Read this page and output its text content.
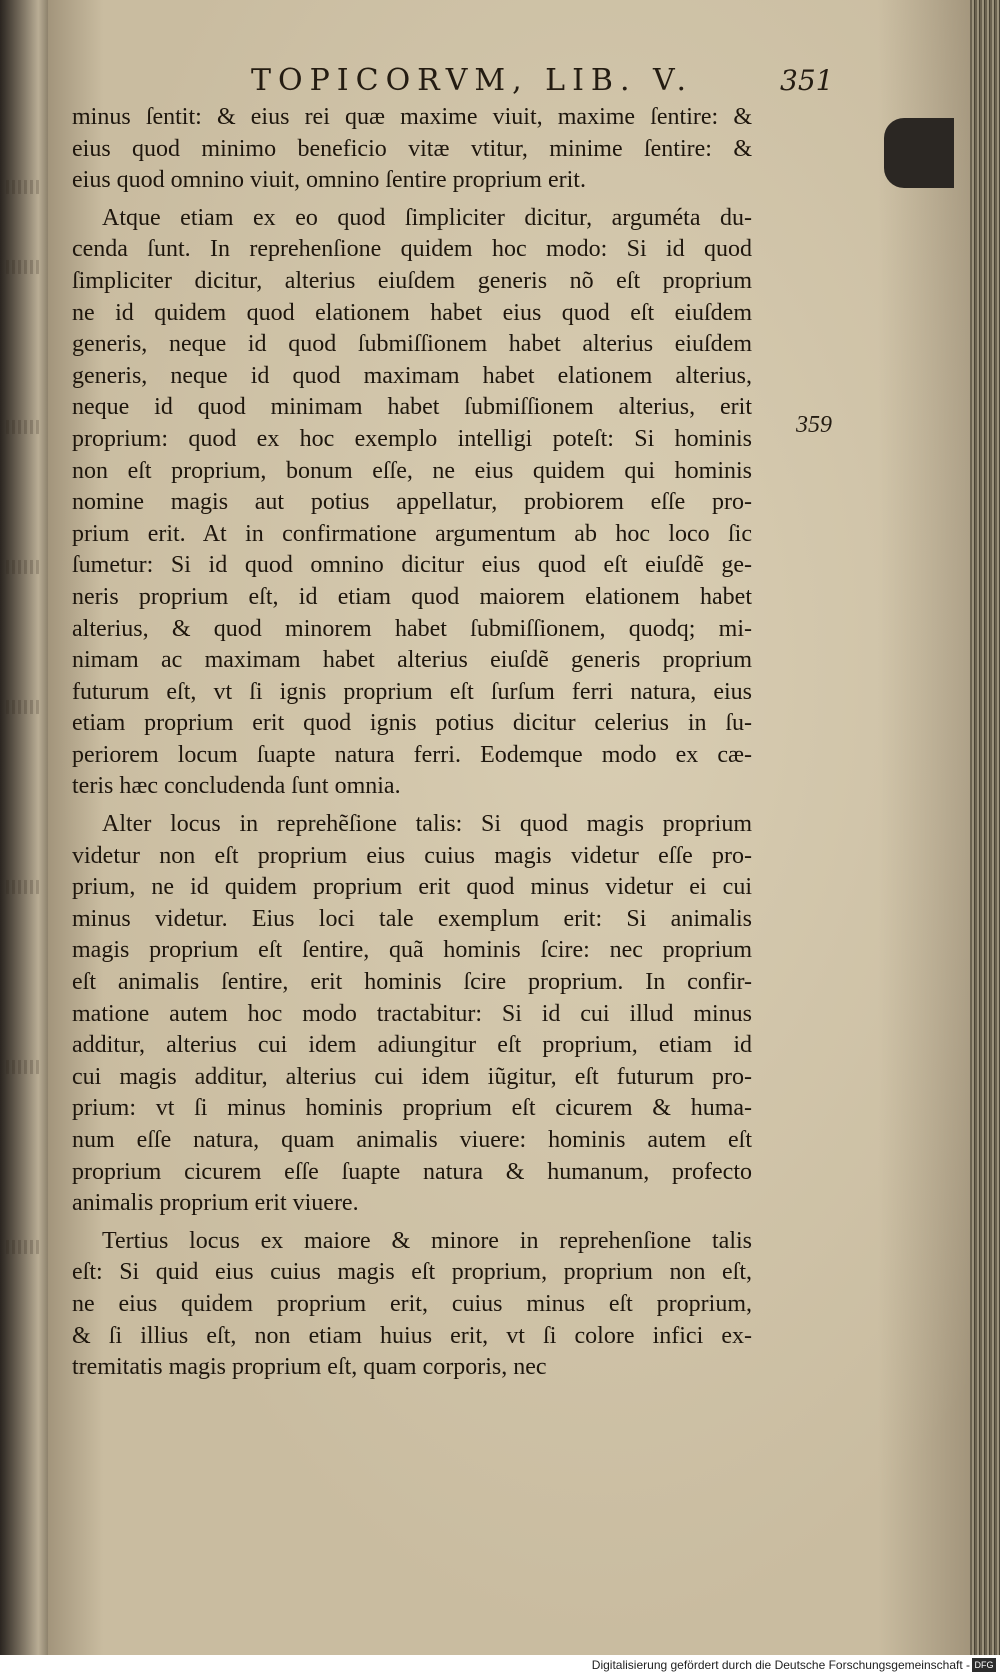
TOPICORVM, LIB. V.	351
359
minus ſentit: & eius rei quæ maxime viuit, maxime ſentire: &
eius quod minimo beneficio vitæ vtitur, minime ſentire: &
eius quod omnino viuit, omnino ſentire proprium erit.
Atque etiam ex eo quod ſimpliciter dicitur, arguméta du-
cenda ſunt. In reprehenſione quidem hoc modo: Si id quod
ſimpliciter dicitur, alterius eiuſdem generis nõ eſt proprium
ne id quidem quod elationem habet eius quod eſt eiuſdem
generis, neque id quod ſubmiſſionem habet alterius eiuſdem
generis, neque id quod maximam habet elationem alterius,
neque id quod minimam habet ſubmiſſionem alterius, erit
proprium: quod ex hoc exemplo intelligi poteſt: Si hominis
non eſt proprium, bonum eſſe, ne eius quidem qui hominis
nomine magis aut potius appellatur, probiorem eſſe pro-
prium erit. At in confirmatione argumentum ab hoc loco ſic
ſumetur: Si id quod omnino dicitur eius quod eſt eiuſdẽ ge-
neris proprium eſt, id etiam quod maiorem elationem habet
alterius, & quod minorem habet ſubmiſſionem, quodq; mi-
nimam ac maximam habet alterius eiuſdẽ generis proprium
futurum eſt, vt ſi ignis proprium eſt ſurſum ferri natura, eius
etiam proprium erit quod ignis potius dicitur celerius in ſu-
periorem locum ſuapte natura ferri. Eodemque modo ex cæ-
teris hæc concludenda ſunt omnia.
Alter locus in reprehẽſione talis: Si quod magis proprium
videtur non eſt proprium eius cuius magis videtur eſſe pro-
prium, ne id quidem proprium erit quod minus videtur ei cui
minus videtur. Eius loci tale exemplum erit: Si animalis
magis proprium eſt ſentire, quã hominis ſcire: nec proprium
eſt animalis ſentire, erit hominis ſcire proprium. In confir-
matione autem hoc modo tractabitur: Si id cui illud minus
additur, alterius cui idem adiungitur eſt proprium, etiam id
cui magis additur, alterius cui idem iũgitur, eſt futurum pro-
prium: vt ſi minus hominis proprium eſt cicurem & huma-
num eſſe natura, quam animalis viuere: hominis autem eſt
proprium cicurem eſſe ſuapte natura & humanum, profecto
animalis proprium erit viuere.
Tertius locus ex maiore & minore in reprehenſione talis
eſt: Si quid eius cuius magis eſt proprium, proprium non eſt,
ne eius quidem proprium erit, cuius minus eſt proprium,
& ſi illius eſt, non etiam huius erit, vt ſi colore infici ex-
tremitatis magis proprium eſt, quam corporis, nec
Digitalisierung gefördert durch die Deutsche Forschungsgemeinschaft - DFG
